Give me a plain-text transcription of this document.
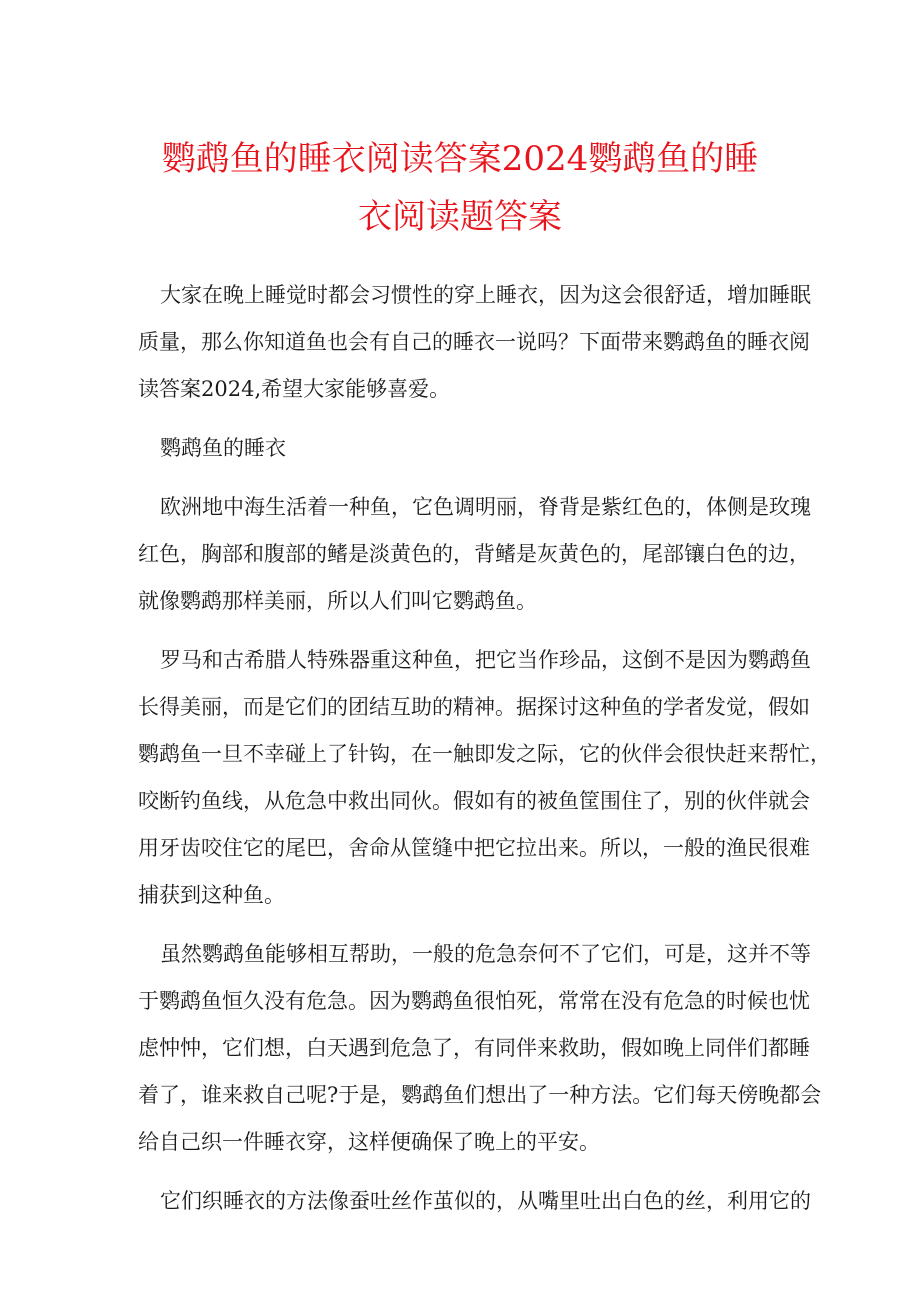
鹦鹉鱼的睡衣阅读答案2024鹦鹉鱼的睡
衣阅读题答案

大家在晚上睡觉时都会习惯性的穿上睡衣，因为这会很舒适，增加睡眠
质量，那么你知道鱼也会有自己的睡衣一说吗？下面带来鹦鹉鱼的睡衣阅
读答案2024,希望大家能够喜爱。

鹦鹉鱼的睡衣

欧洲地中海生活着一种鱼，它色调明丽，脊背是紫红色的，体侧是玫瑰
红色，胸部和腹部的鳍是淡黄色的，背鳍是灰黄色的，尾部镶白色的边，
就像鹦鹉那样美丽，所以人们叫它鹦鹉鱼。

罗马和古希腊人特殊器重这种鱼，把它当作珍品，这倒不是因为鹦鹉鱼
长得美丽，而是它们的团结互助的精神。据探讨这种鱼的学者发觉，假如
鹦鹉鱼一旦不幸碰上了针钩，在一触即发之际，它的伙伴会很快赶来帮忙，
咬断钓鱼线，从危急中救出同伙。假如有的被鱼筐围住了，别的伙伴就会
用牙齿咬住它的尾巴，舍命从筐缝中把它拉出来。所以，一般的渔民很难
捕获到这种鱼。

虽然鹦鹉鱼能够相互帮助，一般的危急奈何不了它们，可是，这并不等
于鹦鹉鱼恒久没有危急。因为鹦鹉鱼很怕死，常常在没有危急的时候也忧
虑忡忡，它们想，白天遇到危急了，有同伴来救助，假如晚上同伴们都睡
着了，谁来救自己呢?于是，鹦鹉鱼们想出了一种方法。它们每天傍晚都会
给自己织一件睡衣穿，这样便确保了晚上的平安。

它们织睡衣的方法像蚕吐丝作茧似的，从嘴里吐出白色的丝，利用它的
